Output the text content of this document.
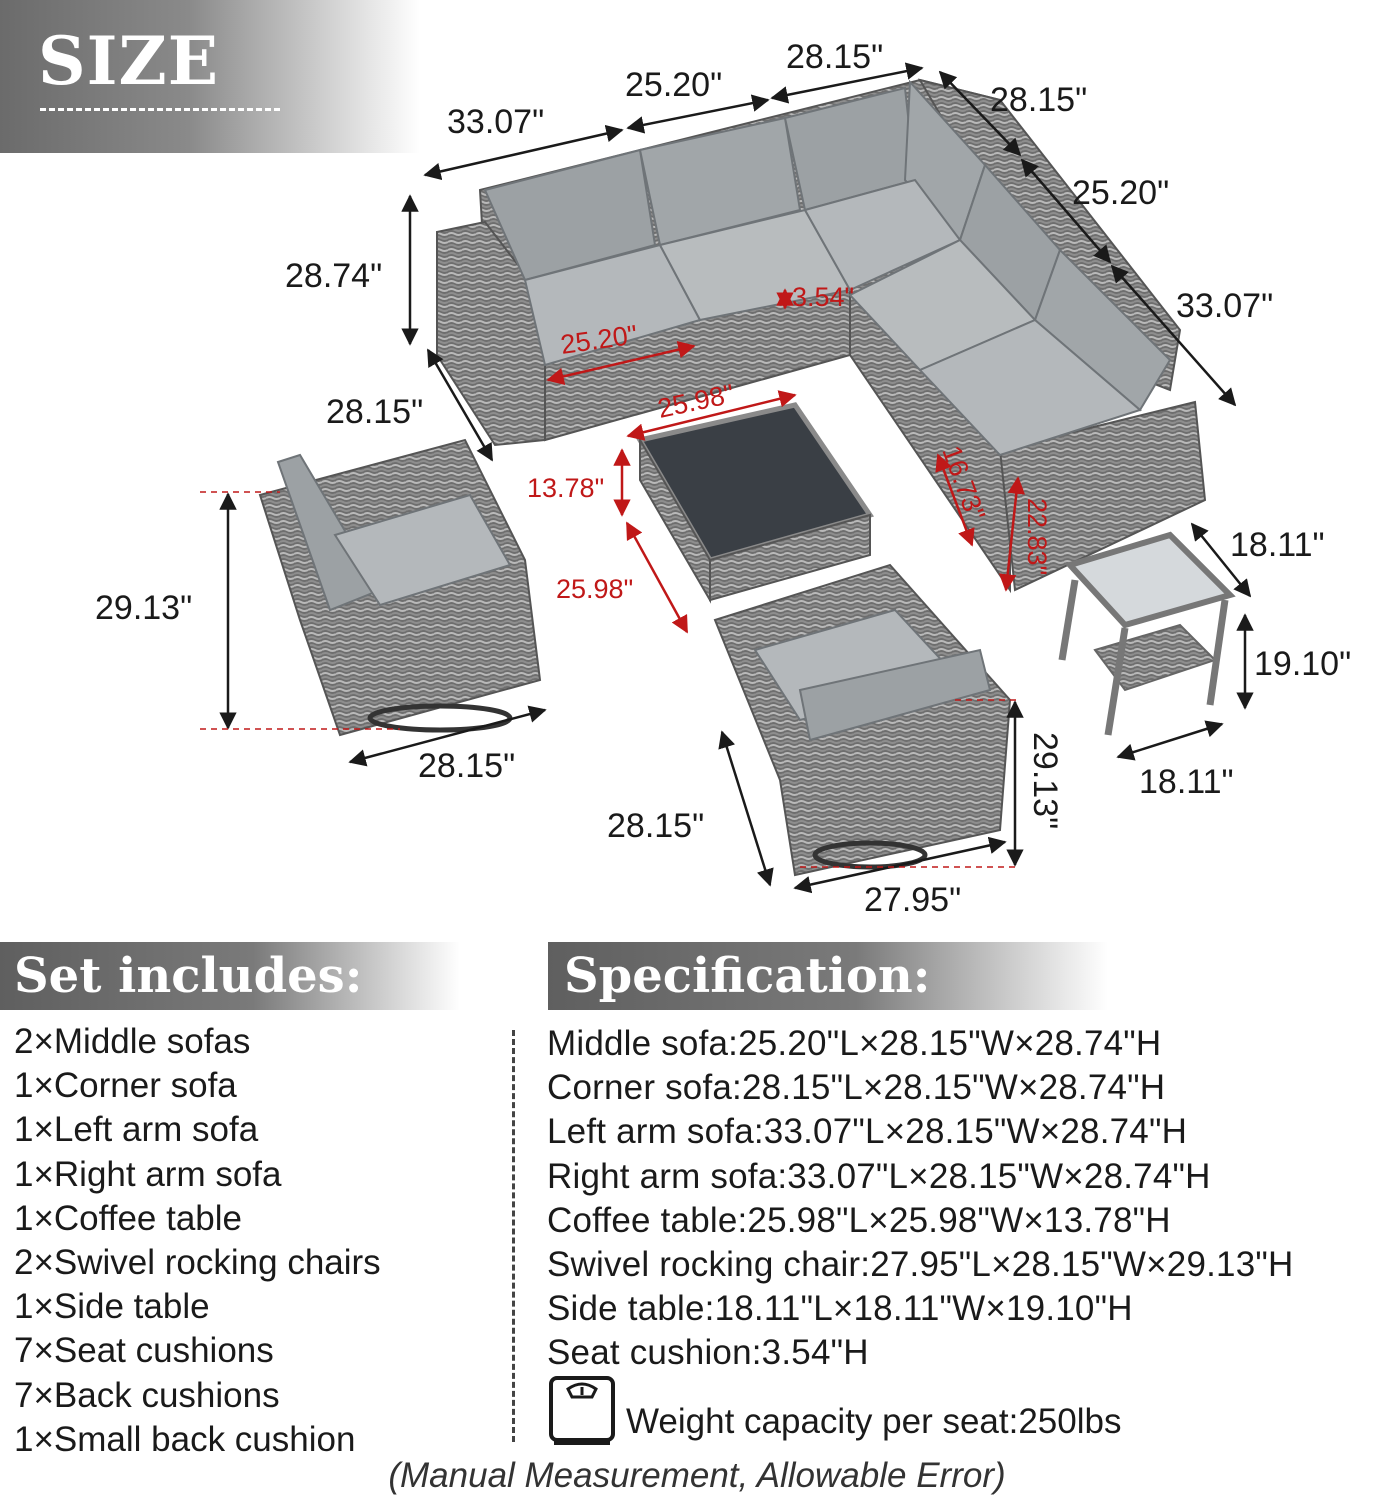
SIZE
33.07"
25.20"
28.15"
28.15"
25.20"
33.07"
28.74"
28.15"
29.13"
28.15"
28.15"
27.95"
29.13"
18.11"
19.10"
18.11"
25.20"
3.54"
25.98"
13.78"
25.98"
16.73"
22.83"
Set includes:	Specification:
2×Middle sofas
1×Corner sofa
1×Left arm sofa
1×Right arm sofa
1×Coffee table
2×Swivel rocking chairs
1×Side table
7×Seat cushions
7×Back cushions
1×Small back cushion
Middle sofa:25.20"L×28.15"W×28.74"H
Corner sofa:28.15"L×28.15"W×28.74"H
Left arm sofa:33.07"L×28.15"W×28.74"H
Right arm sofa:33.07"L×28.15"W×28.74"H
Coffee table:25.98"L×25.98"W×13.78"H
Swivel rocking chair:27.95"L×28.15"W×29.13"H
Side table:18.11"L×18.11"W×19.10"H
Seat cushion:3.54"H
Weight capacity per seat:250lbs
(Manual Measurement, Allowable Error)
